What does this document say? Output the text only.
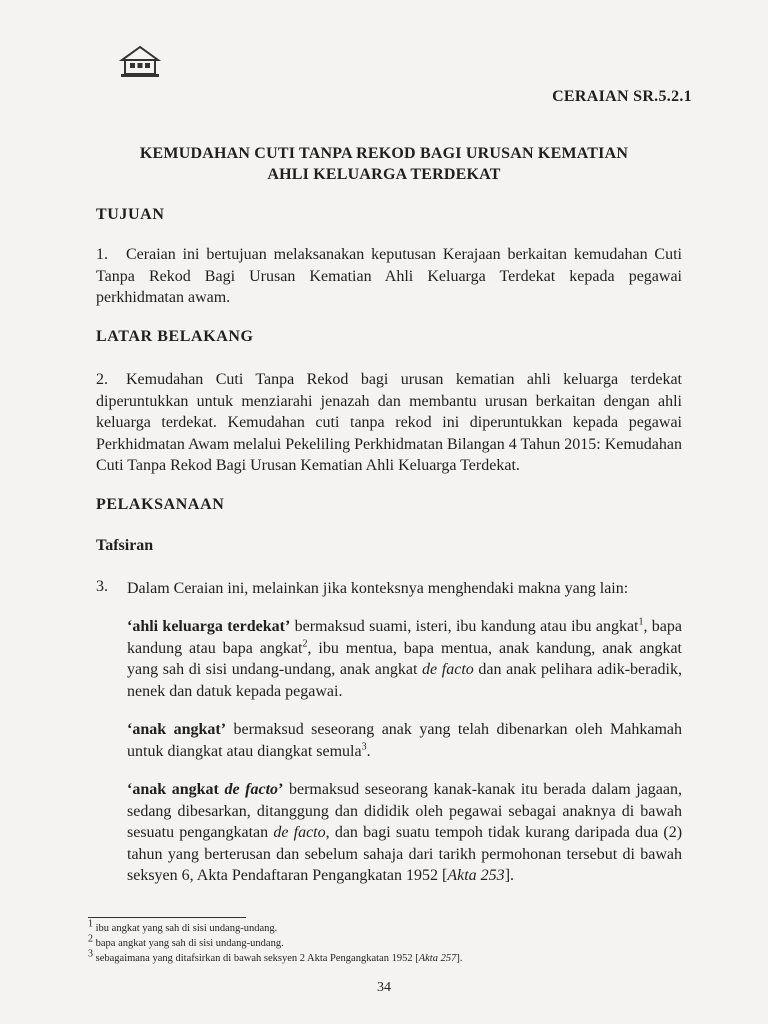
CERAIAN SR.5.2.1
KEMUDAHAN CUTI TANPA REKOD BAGI URUSAN KEMATIAN
AHLI KELUARGA TERDEKAT
TUJUAN
1. Ceraian ini bertujuan melaksanakan keputusan Kerajaan berkaitan kemudahan Cuti Tanpa Rekod Bagi Urusan Kematian Ahli Keluarga Terdekat kepada pegawai perkhidmatan awam.
LATAR BELAKANG
2. Kemudahan Cuti Tanpa Rekod bagi urusan kematian ahli keluarga terdekat diperuntukkan untuk menziarahi jenazah dan membantu urusan berkaitan dengan ahli keluarga terdekat. Kemudahan cuti tanpa rekod ini diperuntukkan kepada pegawai Perkhidmatan Awam melalui Pekeliling Perkhidmatan Bilangan 4 Tahun 2015: Kemudahan Cuti Tanpa Rekod Bagi Urusan Kematian Ahli Keluarga Terdekat.
PELAKSANAAN
Tafsiran
3. Dalam Ceraian ini, melainkan jika konteksnya menghendaki makna yang lain:
‘ahli keluarga terdekat’ bermaksud suami, isteri, ibu kandung atau ibu angkat$^1$, bapa kandung atau bapa angkat$^2$, ibu mentua, bapa mentua, anak kandung, anak angkat yang sah di sisi undang-undang, anak angkat de facto dan anak pelihara adik-beradik, nenek dan datuk kepada pegawai.
‘anak angkat’ bermaksud seseorang anak yang telah dibenarkan oleh Mahkamah untuk diangkat atau diangkat semula$^3$.
‘anak angkat de facto’ bermaksud seseorang kanak-kanak itu berada dalam jagaan, sedang dibesarkan, ditanggung dan dididik oleh pegawai sebagai anaknya di bawah sesuatu pengangkatan de facto, dan bagi suatu tempoh tidak kurang daripada dua (2) tahun yang berterusan dan sebelum sahaja dari tarikh permohonan tersebut di bawah seksyen 6, Akta Pendaftaran Pengangkatan 1952 [Akta 253].
$^1$ ibu angkat yang sah di sisi undang-undang.
$^2$ bapa angkat yang sah di sisi undang-undang.
$^3$ sebagaimana yang ditafsirkan di bawah seksyen 2 Akta Pengangkatan 1952 [Akta 257].
34
